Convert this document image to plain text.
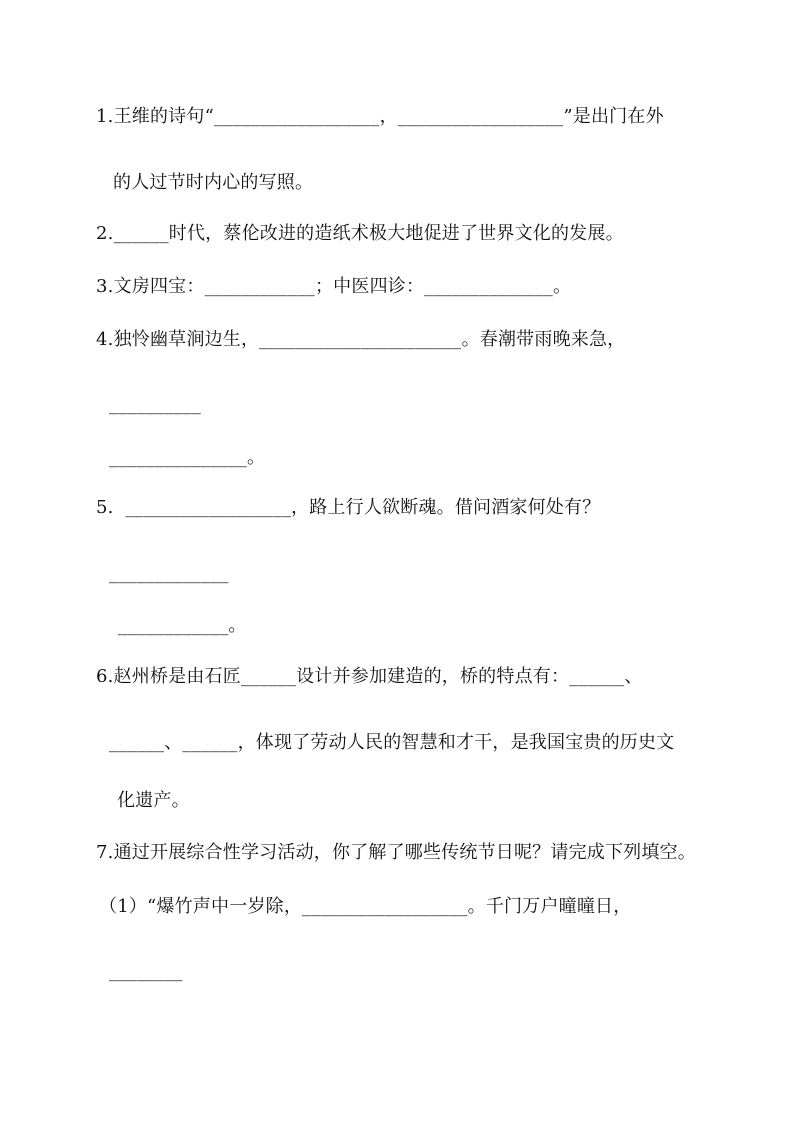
1.王维的诗句“__________________，__________________”是出门在外
的人过节时内心的写照。
2.______时代，蔡伦改进的造纸术极大地促进了世界文化的发展。
3.文房四宝：____________；中医四诊：______________。
4.独怜幽草涧边生，______________________。春潮带雨晚来急，
__________
_______________。
5.  __________________，路上行人欲断魂。借问酒家何处有？
_____________
____________。
6.赵州桥是由石匠______设计并参加建造的，桥的特点有：______、
______、______，体现了劳动人民的智慧和才干，是我国宝贵的历史文
化遗产。
7.通过开展综合性学习活动，你了解了哪些传统节日呢？请完成下列填空。
（1）“爆竹声中一岁除，__________________。千门万户曈曈日，
________
